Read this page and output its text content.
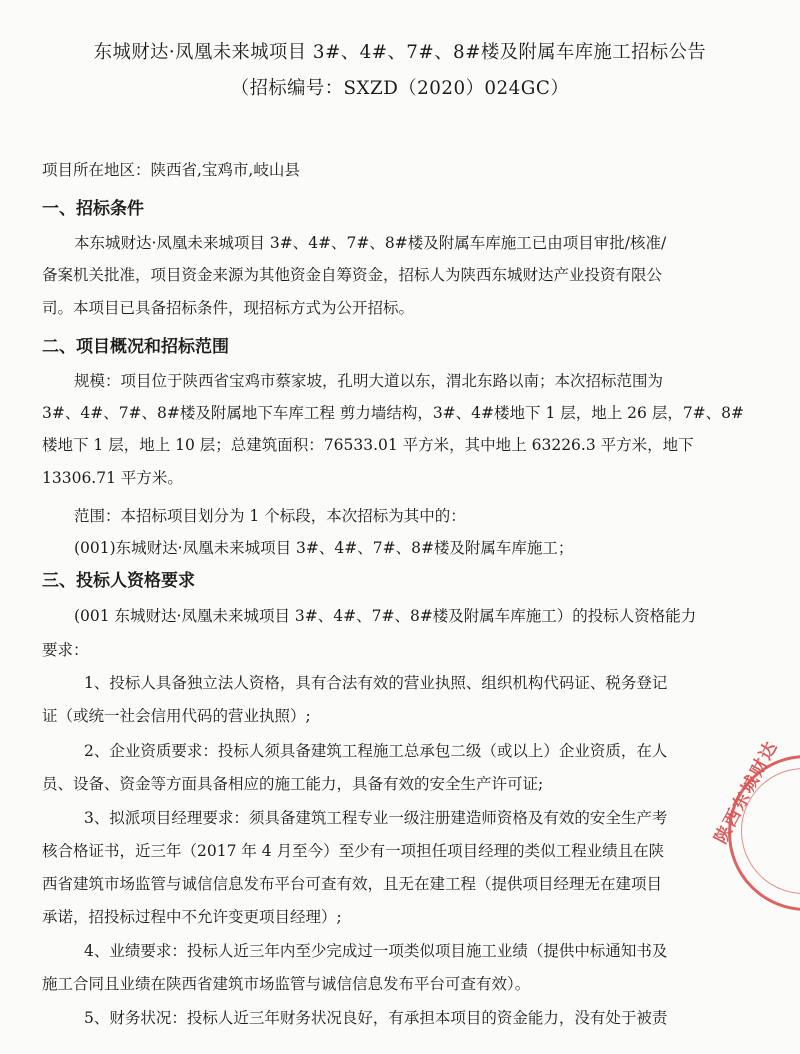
东城财达·凤凰未来城项目 3#、4#、7#、8#楼及附属车库施工招标公告
（招标编号：SXZD（2020）024GC）
项目所在地区：陕西省,宝鸡市,岐山县
一、招标条件
本东城财达·凤凰未来城项目 3#、4#、7#、8#楼及附属车库施工已由项目审批/核准/
备案机关批准，项目资金来源为其他资金自筹资金，招标人为陕西东城财达产业投资有限公
司。本项目已具备招标条件，现招标方式为公开招标。
二、项目概况和招标范围
规模：项目位于陕西省宝鸡市蔡家坡，孔明大道以东，渭北东路以南；本次招标范围为
3#、4#、7#、8#楼及附属地下车库工程 剪力墙结构，3#、4#楼地下 1 层，地上 26 层，7#、8#
楼地下 1 层，地上 10 层；总建筑面积：76533.01 平方米，其中地上 63226.3 平方米，地下
13306.71 平方米。
范围：本招标项目划分为 1 个标段，本次招标为其中的：
(001)东城财达·凤凰未来城项目 3#、4#、7#、8#楼及附属车库施工；
三、投标人资格要求
(001 东城财达·凤凰未来城项目 3#、4#、7#、8#楼及附属车库施工）的投标人资格能力
要求：
1、投标人具备独立法人资格，具有合法有效的营业执照、组织机构代码证、税务登记
证（或统一社会信用代码的营业执照）;
2、企业资质要求：投标人须具备建筑工程施工总承包二级（或以上）企业资质，在人
员、设备、资金等方面具备相应的施工能力，具备有效的安全生产许可证;
3、拟派项目经理要求：须具备建筑工程专业一级注册建造师资格及有效的安全生产考
核合格证书，近三年（2017 年 4 月至今）至少有一项担任项目经理的类似工程业绩且在陕
西省建筑市场监管与诚信信息发布平台可查有效，且无在建工程（提供项目经理无在建项目
承诺，招投标过程中不允许变更项目经理）;
4、业绩要求：投标人近三年内至少完成过一项类似项目施工业绩（提供中标通知书及
施工合同且业绩在陕西省建筑市场监管与诚信信息发布平台可查有效）。
5、财务状况：投标人近三年财务状况良好，有承担本项目的资金能力，没有处于被责
陕西东城财达
